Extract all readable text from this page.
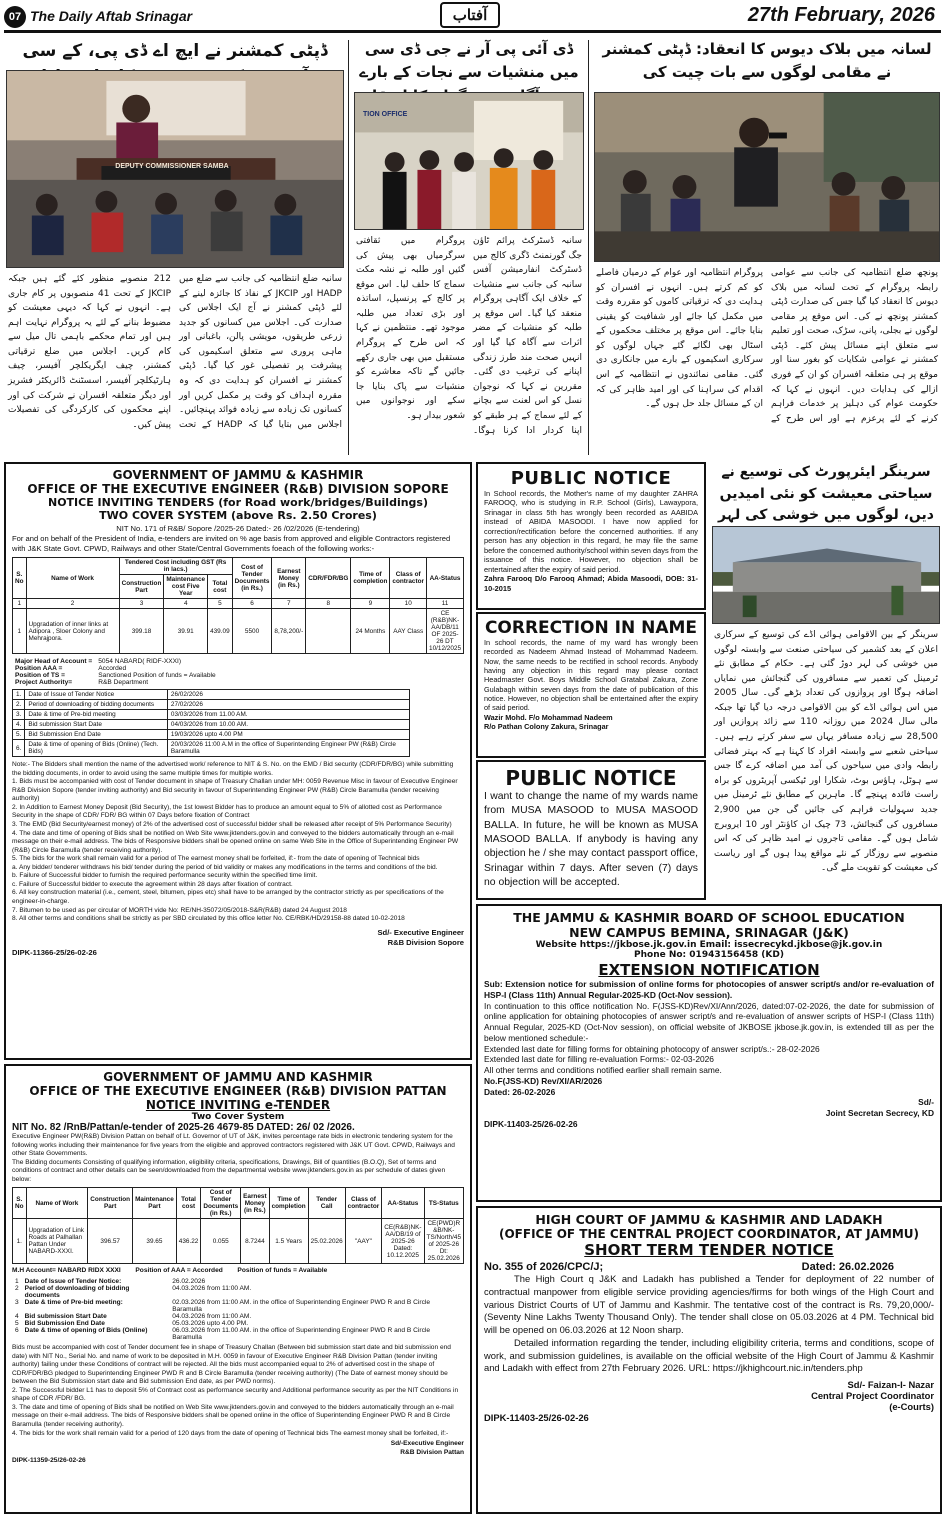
07 The Daily Aftab Srinagar	آفتاب	27th February, 2026
ڈپٹی کمشنر نے ایچ اے ڈی پی، کے سی
DEPUTY COMMISSIONER SAMBA
سانبہ ضلع انتظامیہ کی جانب سے ضلع میں HADP اور JKCIP کے نفاذ کا جائزہ لینے کے لئے ڈپٹی کمشنر نے آج ایک اجلاس کی صدارت کی۔ اجلاس میں کسانوں کو جدید زرعی طریقوں، مویشی پالن، باغبانی اور ماہی پروری سے متعلق اسکیموں کی پیشرفت پر تفصیلی غور کیا گیا۔ ڈپٹی کمشنر نے افسران کو ہدایت دی کہ وہ مقررہ اہداف کو وقت پر مکمل کریں اور کسانوں تک زیادہ سے زیادہ فوائد پہنچائیں۔ اجلاس میں بتایا گیا کہ HADP کے تحت 212 منصوبے منظور کئے گئے ہیں جبکہ JKCIP کے تحت 41 منصوبوں پر کام جاری ہے۔ انہوں نے کہا کہ دیہی معیشت کو مضبوط بنانے کے لئے یہ پروگرام نہایت اہم ہیں اور تمام محکمے باہمی تال میل سے کام کریں۔ اجلاس میں ضلع ترقیاتی کمشنر، چیف ایگریکلچر آفیسر، چیف ہارٹیکلچر آفیسر، اسسٹنٹ ڈائریکٹر فشریز اور دیگر متعلقہ افسران نے شرکت کی اور اپنے محکموں کی کارکردگی کی تفصیلات پیش کیں۔
ڈی آئی پی آر نے جی ڈی سی میں منشیات سے نجات کے بارے
TION OFFICE
سانبہ ڈسٹرکٹ پرائم ٹاؤن جگ گورنمنٹ ڈگری کالج میں ڈسٹرکٹ انفارمیشن آفس سانبہ کی جانب سے منشیات کے خلاف ایک آگاہی پروگرام منعقد کیا گیا۔ اس موقع پر طلبہ کو منشیات کے مضر اثرات سے آگاہ کیا گیا اور انہیں صحت مند طرز زندگی اپنانے کی ترغیب دی گئی۔ مقررین نے کہا کہ نوجوان نسل کو اس لعنت سے بچانے کے لئے سماج کے ہر طبقے کو اپنا کردار ادا کرنا ہوگا۔ پروگرام میں ثقافتی سرگرمیاں بھی پیش کی گئیں اور طلبہ نے نشہ مکت سماج کا حلف لیا۔ اس موقع پر کالج کے پرنسپل، اساتذہ اور بڑی تعداد میں طلبہ موجود تھے۔ منتظمین نے کہا کہ اس طرح کے پروگرام مستقبل میں بھی جاری رکھے جائیں گے تاکہ معاشرے کو منشیات سے پاک بنایا جا سکے اور نوجوانوں میں شعور بیدار ہو۔
لسانہ میں بلاک دیوس کا انعقاد: ڈپٹی کمشنر نے مقامی لوگوں سے بات چیت کی
پونچھ ضلع انتظامیہ کی جانب سے عوامی رابطہ پروگرام کے تحت لسانہ میں بلاک دیوس کا انعقاد کیا گیا جس کی صدارت ڈپٹی کمشنر پونچھ نے کی۔ اس موقع پر مقامی لوگوں نے بجلی، پانی، سڑک، صحت اور تعلیم سے متعلق اپنے مسائل پیش کئے۔ ڈپٹی کمشنر نے عوامی شکایات کو بغور سنا اور موقع پر ہی متعلقہ افسران کو ان کے فوری ازالے کی ہدایات دیں۔ انہوں نے کہا کہ حکومت عوام کی دہلیز پر خدمات فراہم کرنے کے لئے پرعزم ہے اور اس طرح کے پروگرام انتظامیہ اور عوام کے درمیان فاصلے کو کم کرتے ہیں۔ انہوں نے افسران کو ہدایت دی کہ ترقیاتی کاموں کو مقررہ وقت میں مکمل کیا جائے اور شفافیت کو یقینی بنایا جائے۔ اس موقع پر مختلف محکموں کے اسٹال بھی لگائے گئے جہاں لوگوں کو سرکاری اسکیموں کے بارے میں جانکاری دی گئی۔ مقامی نمائندوں نے انتظامیہ کے اس اقدام کی سراہنا کی اور امید ظاہر کی کہ ان کے مسائل جلد حل ہوں گے۔
GOVERNMENT OF JAMMU & KASHMIR
OFFICE OF THE EXECUTIVE ENGINEER (R&B) DIVISION SOPORE
NOTICE INVITING TENDERS (for Road work/bridges/Buildings)
TWO COVER SYSTEM (above Rs. 2.50 Crores)
NIT No. 171 of R&B/ Sopore /2025-26 Dated:- 26 /02/2026 (E-tendering)
For and on behalf of the President of India, e-tenders are invited on % age basis from approved and eligible Contractors registered with J&K State Govt. CPWD, Railways and other State/Central Governments foeach of the following works:-
S. No	Name of Work	Tendered Cost including GST (Rs in lacs.)			Cost of Tender Documents (in Rs.)	Earnest Money (in Rs.)	CDR/FDR/BG	Time of completion	Class of contractor	AA-Status
		Construction Part	Maintenance cost Five Year	Total cost						
1	2	3	4	5	6	7	8	9	10	11
1	Upgradation of inner links at Adipora , Sloer Colony and Mehrajpora.	399.18	39.91	439.09	5500	8,78,200/-		24 Months	AAY Class	CE (R&B)NK-AA/DB/11 OF 2025-26 DT 10/12/2025
Major Head of Account =	5054 NABARD( RIDF-XXXI)
Position AAA =	Accorded
Position of TS =	Sanctioned Position of funds = Available
Project Authority=	R&B Department
1.	Date of Issue of Tender Notice	26/02/2026
2.	Period of downloading of bidding documents	27/02/2026
3.	Date & time of Pre-bid meeting	03/03/2026 from 11.00 AM.
4.	Bid submission Start Date	04/03/2026 from 10.00 AM.
5.	Bid Submission End Date	19/03/2026 upto 4.00 PM
6.	Date & time of opening of Bids (Online) (Tech. Bids)	20/03/2026 11:00 A.M in the office of Superintending Engineer PW (R&B) Circle Baramulla
Note:- The Bidders shall mention the name of the advertised work/ reference to NIT & S. No. on the EMD / Bid security (CDR/FDR/BG) while submitting the bidding documents, in order to avoid using the same multiple times for multiple works.
1. Bids must be accompanied with cost of Tender document in shape of Treasury Challan under MH: 0059 Revenue Misc in favour of Executive Engineer R&B Division Sopore (tender inviting authority) and Bid security in favour of Superintending Engineer PW (R&B) Circle Baramulla (tender receiving authority)
2. In Addition to Earnest Money Deposit (Bid Security), the 1st lowest Bidder has to produce an amount equal to 5% of allotted cost as Performance Security in the shape of CDR/ FDR/ BG within 07 Days before fixation of Contract
3. The EMD (Bid Security/earnest money) of 2% of the advertised cost of successful bidder shall be released after receipt of 5% Performance Security)
4. The date and time of opening of Bids shall be notified on Web Site www.jktenders.gov.in and conveyed to the bidders automatically through an e-mail message on their e-mail address. The bids of Responsive bidders shall be opened online on same Web Site in the Office of Superintending Engineer PW (R&B) Circle Baramulla (tender receiving authority).
5. The bids for the work shall remain valid for a period of The earnest money shall be forfeited, if:- from the date of opening of Technical bids
a. Any bidder/ tenderer withdraws his bid/ tender during the period of bid validity or makes any modifications in the terms and conditions of the bid.
b. Failure of Successful bidder to furnish the required performance security within the specified time limit.
c. Failure of Successful bidder to execute the agreement within 28 days after fixation of contract.
6. All key construction material (i.e., cement, steel, bitumen, pipes etc) shall have to be arranged by the contractor strictly as per specifications of the engineer-in-charge.
7. Bitumen to be used as per circular of MORTH vide No: RE/NH-35072/05/2018-S&R(R&B) dated 24 August 2018
8. All other terms and conditions shall be strictly as per SBD circulated by this office letter No. CE/RBK/HD/29158-88 dated 10-02-2018
Sd/- Executive Engineer
R&B Division Sopore
DIPK-11366-25/26-02-26
GOVERNMENT OF JAMMU AND KASHMIR
OFFICE OF THE EXECUTIVE ENGINEER (R&B) DIVISION PATTAN
NOTICE INVITING e-TENDER
Two Cover System
NIT No. 82 /RnB/Pattan/e-tender of 2025-26 4679-85 DATED: 26/ 02 /2026.
Executive Engineer PW(R&B) Division Pattan on behalf of Lt. Governor of UT of J&K, invites percentage rate bids in electronic tendering system for the following works including their maintenance for five years from the eligible and approved contractors registered with J&K UT Govt. CPWD, Railways and other State Governments.
The Bidding documents Consisting of qualifying information, eligibility criteria, specifications, Drawings, Bill of quantities (B.O.Q), Set of terms and conditions of contract and other details can be seen/downloaded from the departmental website www.jktenders.gov.in as per schedule of dates given below:
S. No	Name of Work	Construction Part	Maintenance Part	Total cost	Cost of Tender Documents (in Rs.)	Earnest Money (in Rs.)	Time of completion	Tender Call	Class of contractor	AA-Status	TS-Status
1.	Upgradation of Link Roads at Palhallan Pattan Under NABARD-XXXI.	396.57	39.65	436.22	0.055	8.7244	1.5 Years	25.02.2026	"AAY"	CE(R&B)NK-AA/DB/19 of 2025-26 Dated: 10.12.2025	CE(PWD)R &B/NK-TS/North/45 of 2025-26 Dt: 25.02.2026
M.H Account= NABARD RIDX XXXI        Position of AAA = Accorded        Position of funds = Available
1	Date of Issue of Tender Notice:	26.02.2026
2	Period of downloading of bidding documents	04.03.2026 from 11:00 AM.
3	Date & time of Pre-bid meeting:	02.03.2026 from 11:00 AM. in the office of Superintending Engineer PWD R and B Circle Baramulla
4	Bid submission Start Date	04.03.2026 from 11:00 AM.
5	Bid Submission End Date	05.03.2026 upto 4.00 PM.
6	Date & time of opening of Bids (Online)	06.03.2026 from 11.00 AM. in the office of Superintending Engineer PWD R and B Circle Baramulla
Bids must be accompanied with cost of Tender document fee in shape of Treasury Challan (Between bid submission start date and bid submission end date) with NIT No., Serial No. and name of work to be deposited in M.H. 0059 in favour of Executive Engineer R&B Division Pattan (tender inviting authority) failing under these Conditions of contract will be rejected. All the bids must accompanied equal to 2% of advertised cost in the shape of CDR/FDR/BG pledged to Superintending Engineer PWD R and B Circle Baramulla (tender receiving authority) (The Date of earnest money should be between the Bid Submission start date and Bid submission End date, as per PWD norms).
2. The Successful bidder L1 has to deposit 5% of Contract cost as performance security and Additional performance security as per the NIT Conditions in shape of CDR /FDR/ BG.
3. The date and time of opening of Bids shall be notified on Web Site www.jktenders.gov.in and conveyed to the bidders automatically through an e-mail message on their e-mail address. The bids of Responsive bidders shall be opened online in the office of Superintending Engineer PWD R and B Circle Baramulla (tender receiving authority).
4. The bids for the work shall remain valid for a period of 120 days from the date of opening of Technical bids The earnest money shall be forfeited, if:-
Sd/-Executive Engineer
R&B Division Pattan
DIPK-11359-25/26-02-26
PUBLIC NOTICE
In School records, the Mother's name of my daughter ZAHRA FAROOQ, who is studying in R.P. School (Girls), Lawaypora, Srinagar in class 5th has wrongly been recorded as AABIDA instead of ABIDA MASOODI. I have now applied for correction/rectification before the concerned authorities. If any person has any objection in this regard, he may file the same before the concerned authority/school within seven days from the issuance of this notice. However, no objection shall be entertained after the expiry of said period.
Zahra Farooq D/o Farooq Ahmad; Abida Masoodi, DOB: 31-10-2015
سرینگر ایئرپورٹ کی توسیع نے سیاحتی معیشت کو نئی امیدیں دیں، لوگوں میں خوشی کی لہر
سرینگر کے بین الاقوامی ہوائی اڈے کی توسیع کے سرکاری اعلان کے بعد کشمیر کی سیاحتی صنعت سے وابستہ لوگوں میں خوشی کی لہر دوڑ گئی ہے۔ حکام کے مطابق نئے ٹرمینل کی تعمیر سے مسافروں کی گنجائش میں نمایاں اضافہ ہوگا اور پروازوں کی تعداد بڑھے گی۔ سال 2005 میں اس ہوائی اڈے کو بین الاقوامی درجہ دیا گیا تھا جبکہ مالی سال 2024 میں روزانہ 110 سے زائد پروازیں اور 28,500 سے زیادہ مسافر یہاں سے سفر کرتے رہے ہیں۔ سیاحتی شعبے سے وابستہ افراد کا کہنا ہے کہ بہتر فضائی رابطہ وادی میں سیاحوں کی آمد میں اضافہ کرے گا جس سے ہوٹل، ہاؤس بوٹ، شکارا اور ٹیکسی آپریٹروں کو براہ راست فائدہ پہنچے گا۔ ماہرین کے مطابق نئے ٹرمینل میں جدید سہولیات فراہم کی جائیں گی جن میں 2,900 مسافروں کی گنجائش، 73 چیک ان کاؤنٹر اور 10 ایروبرج شامل ہوں گے۔ مقامی تاجروں نے امید ظاہر کی کہ اس منصوبے سے روزگار کے نئے مواقع پیدا ہوں گے اور ریاست کی معیشت کو تقویت ملے گی۔
CORRECTION IN NAME
In school records, the name of my ward has wrongly been recorded as Nadeem Ahmad Instead of Mohammad Nadeem. Now, the same needs to be rectified in school records. Anybody having any objection in this regard may please contact Headmaster Govt. Boys Middle School Gratabal Zakura, Zone Gulabagh within seven days from the date of publication of this notice. However, no objection shall be entertained after the expiry of said period.
Wazir Mohd. F/o Mohammad Nadeem
R/o Pathan Colony Zakura, Srinagar
PUBLIC NOTICE
I want to change the name of my wards name from MUSA MASOOD to MUSA MASOOD BALLA. In future, he will be known as MUSA MASOOD BALLA. If anybody is having any objection he / she may contact passport office, Srinagar within 7 days. After seven (7) days no objection will be accepted.
THE JAMMU & KASHMIR BOARD OF SCHOOL EDUCATION
NEW CAMPUS BEMINA, SRINAGAR (J&K)
Website https://jkbose.jk.gov.in Email: issecrecykd.jkbose@jk.gov.in
Phone No: 01943156458 (KD)
EXTENSION NOTIFICATION
Sub: Extension notice for submission of online forms for photocopies of answer script/s and/or re-evaluation of HSP-I (Class 11th) Annual Regular-2025-KD (Oct-Nov session).
In continuation to this office notification No. F(JSS-KD)Rev/XI/Ann/2026, dated:07-02-2026, the date for submission of online application for obtaining photocopies of answer script/s and re-evaluation of answer scripts of HSP-I (Class 11th) Annual Regular, 2025-KD (Oct-Nov session), on official website of JKBOSE jkbose.jk.gov.in, is extended till as per the below mentioned schedule:-
Extended last date for filling forms for obtaining photocopy of answer script/s.:- 28-02-2026
Extended last date for filling re-evaluation Forms:- 02-03-2026
All other terms and conditions notified earlier shall remain same.
No.F(JSS-KD) Rev/XI/AR/2026
Dated: 26-02-2026
Sd/-
Joint Secretan Secrecy, KD
DIPK-11403-25/26-02-26
HIGH COURT OF JAMMU & KASHMIR AND LADAKH
(OFFICE OF THE CENTRAL PROJECT COORDINATOR, AT JAMMU)
SHORT TERM TENDER NOTICE
No. 355 of 2026/CPC/J;	Dated: 26.02.2026
The High Court q J&K and Ladakh has published a Tender for deployment of 22 number of contractual manpower from eligible service providing agencies/firms for both wings of the High Court and various District Courts of UT of Jammu and Kashmir. The tentative cost of the contract is Rs. 79,20,000/-(Seventy Nine Lakhs Twenty Thousand Only). The tender shall close on 05.03.2026 at 4 PM. Technical bid will be opened on 06.03.2026 at 12 Noon sharp.
Detailed information regarding the tender, including eligibility criteria, terms and conditions, scope of work, and submission guidelines, is available on the official website of the High Court of Jammu & Kashmir and Ladakh with effect from 27th February 2026. URL: https://jkhighcourt.nic.in/tenders.php
Sd/- Faizan-I- Nazar
Central Project Coordinator
(e-Courts)
DIPK-11403-25/26-02-26
